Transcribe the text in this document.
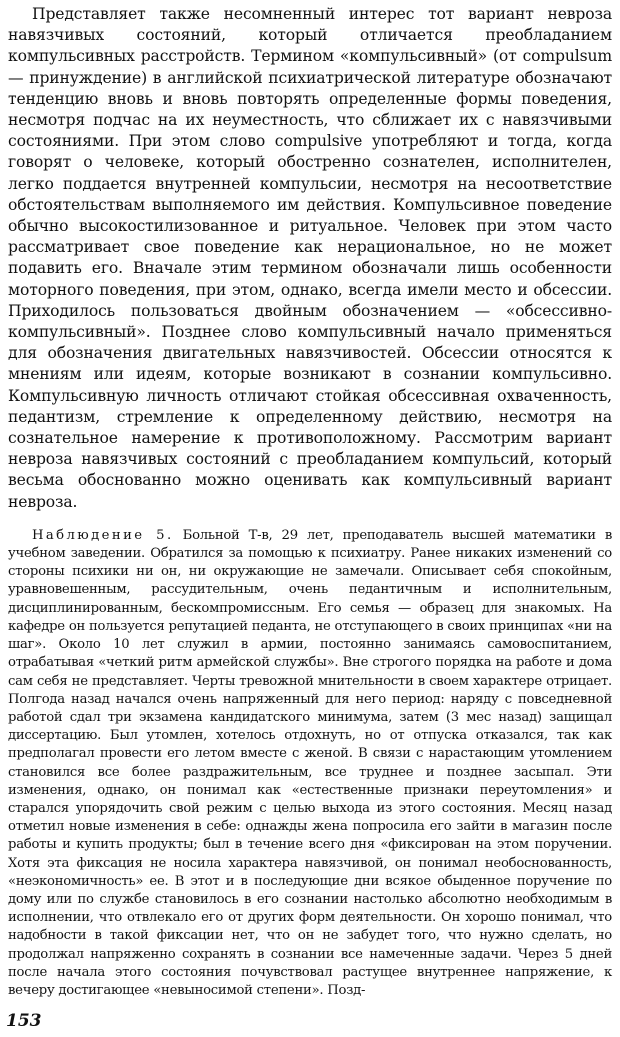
Представляет также несомненный интерес тот вариант невроза навязчивых состояний, который отличается преобладанием компульсивных расстройств. Термином «компульсивный» (от compulsum — принуждение) в английской психиатрической литературе обозначают тенденцию вновь и вновь повторять определенные формы поведения, несмотря подчас на их неуместность, что сближает их с навязчивыми состояниями. При этом слово compulsive употребляют и тогда, когда говорят о человеке, который обостренно сознателен, исполнителен, легко поддается внутренней компульсии, несмотря на несоответствие обстоятельствам выполняемого им действия. Компульсивное поведение обычно высокостилизованное и ритуальное. Человек при этом часто рассматривает свое поведение как нерациональное, но не может подавить его. Вначале этим термином обозначали лишь особенности моторного поведения, при этом, однако, всегда имели место и обсессии. Приходилось пользоваться двойным обозначением — «обсессивно-компульсивный». Позднее слово компульсивный начало применяться для обозначения двигательных навязчивостей. Обсессии относятся к мнениям или идеям, которые возникают в сознании компульсивно. Компульсивную личность отличают стойкая обсессивная охваченность, педантизм, стремление к определенному действию, несмотря на сознательное намерение к противоположному. Рассмотрим вариант невроза навязчивых состояний с преобладанием компульсий, который весьма обоснованно можно оценивать как компульсивный вариант невроза.

Наблюдение 5. Больной Т-в, 29 лет, преподаватель высшей математики в учебном заведении. Обратился за помощью к психиатру. Ранее никаких изменений со стороны психики ни он, ни окружающие не замечали. Описывает себя спокойным, уравновешенным, рассудительным, очень педантичным и исполнительным, дисциплинированным, бескомпромиссным. Его семья — образец для знакомых. На кафедре он пользуется репутацией педанта, не отступающего в своих принципах «ни на шаг». Около 10 лет служил в армии, постоянно занимаясь самовоспитанием, отрабатывая «четкий ритм армейской службы». Вне строгого порядка на работе и дома сам себя не представляет. Черты тревожной мнительности в своем характере отрицает. Полгода назад начался очень напряженный для него период: наряду с повседневной работой сдал три экзамена кандидатского минимума, затем (3 мес назад) защищал диссертацию. Был утомлен, хотелось отдохнуть, но от отпуска отказался, так как предполагал провести его летом вместе с женой. В связи с нарастающим утомлением становился все более раздражительным, все труднее и позднее засыпал. Эти изменения, однако, он понимал как «естественные признаки переутомления» и старался упорядочить свой режим с целью выхода из этого состояния. Месяц назад отметил новые изменения в себе: однажды жена попросила его зайти в магазин после работы и купить продукты; был в течение всего дня «фиксирован на этом поручении. Хотя эта фиксация не носила характера навязчивой, он понимал необоснованность, «неэкономичность» ее. В этот и в последующие дни всякое обыденное поручение по дому или по службе становилось в его сознании настолько абсолютно необходимым в исполнении, что отвлекало его от других форм деятельности. Он хорошо понимал, что надобности в такой фиксации нет, что он не забудет того, что нужно сделать, но продолжал напряженно сохранять в сознании все намеченные задачи. Через 5 дней после начала этого состояния почувствовал растущее внутреннее напряжение, к вечеру достигающее «невыносимой степени». Позд-

153
